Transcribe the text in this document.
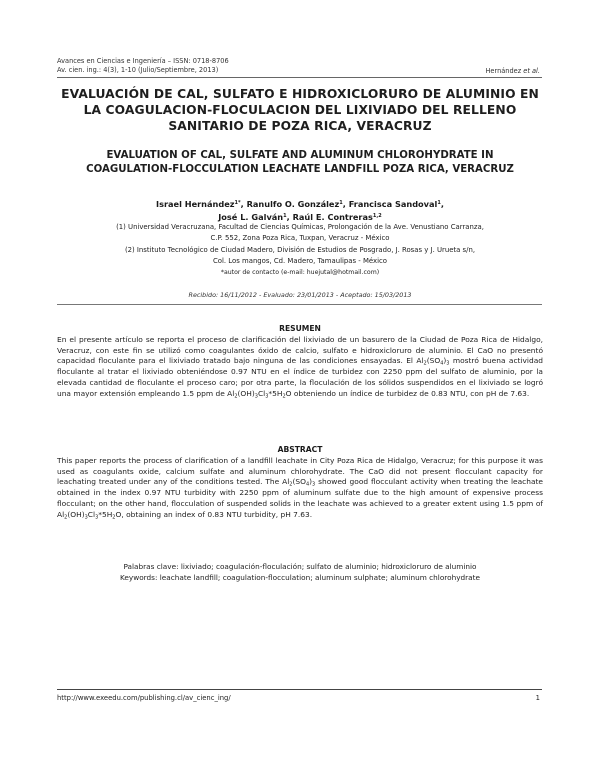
Avances en Ciencias e Ingeniería – ISSN: 0718-8706
Av. cien. ing.: 4(3), 1-10 (Julio/Septiembre, 2013)	Hernández et al.
EVALUACIÓN DE CAL, SULFATO E HIDROXICLORURO DE ALUMINIO EN
LA COAGULACION-FLOCULACION DEL LIXIVIADO DEL RELLENO
SANITARIO DE POZA RICA, VERACRUZ
EVALUATION OF CAL, SULFATE AND ALUMINUM CHLOROHYDRATE IN
COAGULATION-FLOCCULATION LEACHATE LANDFILL POZA RICA, VERACRUZ
Israel Hernández$^{1*}$, Ranulfo O. González$^1$, Francisca Sandoval$^1$,
José L. Galván$^1$, Raúl E. Contreras$^{1,2}$
(1) Universidad Veracruzana, Facultad de Ciencias Químicas, Prolongación de la Ave. Venustiano Carranza,
C.P. 552, Zona Poza Rica, Tuxpan, Veracruz - México
(2) Instituto Tecnológico de Ciudad Madero, División de Estudios de Posgrado, J. Rosas y J. Urueta s/n,
Col. Los mangos, Cd. Madero, Tamaulipas - México
*autor de contacto (e-mail: huejutal@hotmail.com)
Recibido: 16/11/2012 - Evaluado: 23/01/2013 - Aceptado: 15/03/2013
RESUMEN
En el presente artículo se reporta el proceso de clarificación del lixiviado de un basurero de la Ciudad de Poza Rica de Hidalgo, Veracruz, con este fin se utilizó como coagulantes óxido de calcio, sulfato e hidroxicloruro de aluminio. El CaO no presentó capacidad floculante para el lixiviado tratado bajo ninguna de las condiciones ensayadas. El $Al_2(SO_4)_3$ mostró buena actividad floculante al tratar el lixiviado obteniéndose 0.97 NTU en el índice de turbidez con 2250 ppm del sulfato de aluminio, por la elevada cantidad de floculante el proceso caro; por otra parte, la floculación de los sólidos suspendidos en el lixiviado se logró una mayor extensión empleando 1.5 ppm de $Al_2(OH)_3Cl_3*5H_2O$ obteniendo un índice de turbidez de 0.83 NTU, con pH de 7.63.
ABSTRACT
This paper reports the process of clarification of a landfill leachate in City Poza Rica de Hidalgo, Veracruz; for this purpose it was used as coagulants oxide, calcium sulfate and aluminum chlorohydrate. The CaO did not present flocculant capacity for leachating treated under any of the conditions tested. The $Al_2(SO_4)_3$ showed good flocculant activity when treating the leachate obtained in the index 0.97 NTU turbidity with 2250 ppm of aluminum sulfate due to the high amount of expensive process flocculant; on the other hand, flocculation of suspended solids in the leachate was achieved to a greater extent using 1.5 ppm of $Al_2(OH)_3Cl_3*5H_2O$, obtaining an index of 0.83 NTU turbidity, pH 7.63.
Palabras clave: lixiviado; coagulación-floculación; sulfato de aluminio; hidroxicloruro de aluminio
Keywords: leachate landfill; coagulation-flocculation; aluminum sulphate; aluminum chlorohydrate
http://www.exeedu.com/publishing.cl/av_cienc_ing/	1
